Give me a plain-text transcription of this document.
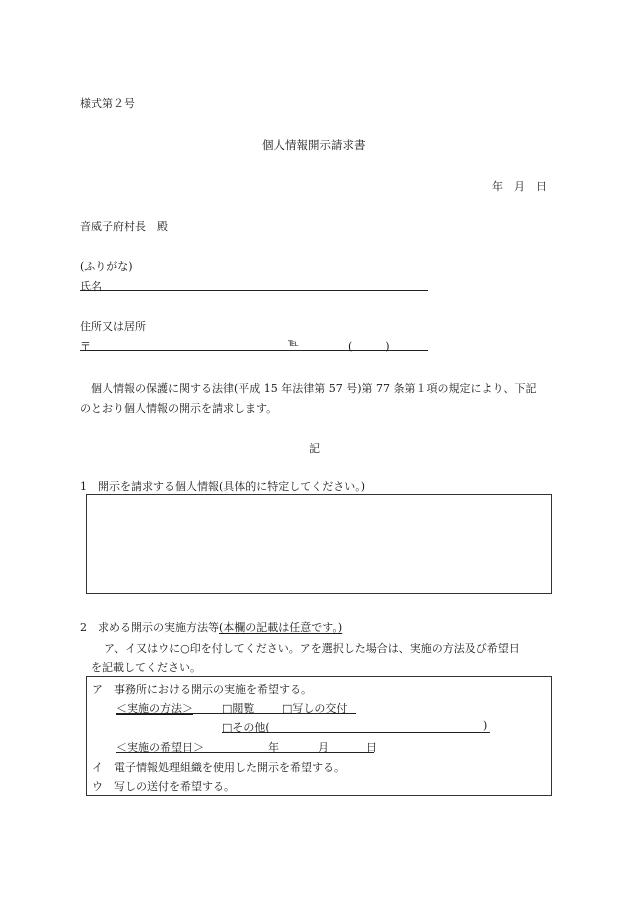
様式第２号
個人情報開示請求書
年　月　日
音威子府村長　殿
(ふりがな)
氏名
住所又は居所
〒	℡	(　　　)
個人情報の保護に関する法律(平成 15 年法律第 57 号)第 77 条第１項の規定により、下記
のとおり個人情報の開示を請求します。
記
1　開示を請求する個人情報(具体的に特定してください。)
2　求める開示の実施方法等(本欄の記載は任意です。)
ア、イ又はウに○印を付してください。アを選択した場合は、実施の方法及び希望日
を記載してください。
ア　事務所における開示の実施を希望する。
＜実施の方法＞	□閲覧	□写しの交付
□その他(	)
＜実施の希望日＞	年	月	日
イ　電子情報処理組織を使用した開示を希望する。
ウ　写しの送付を希望する。
